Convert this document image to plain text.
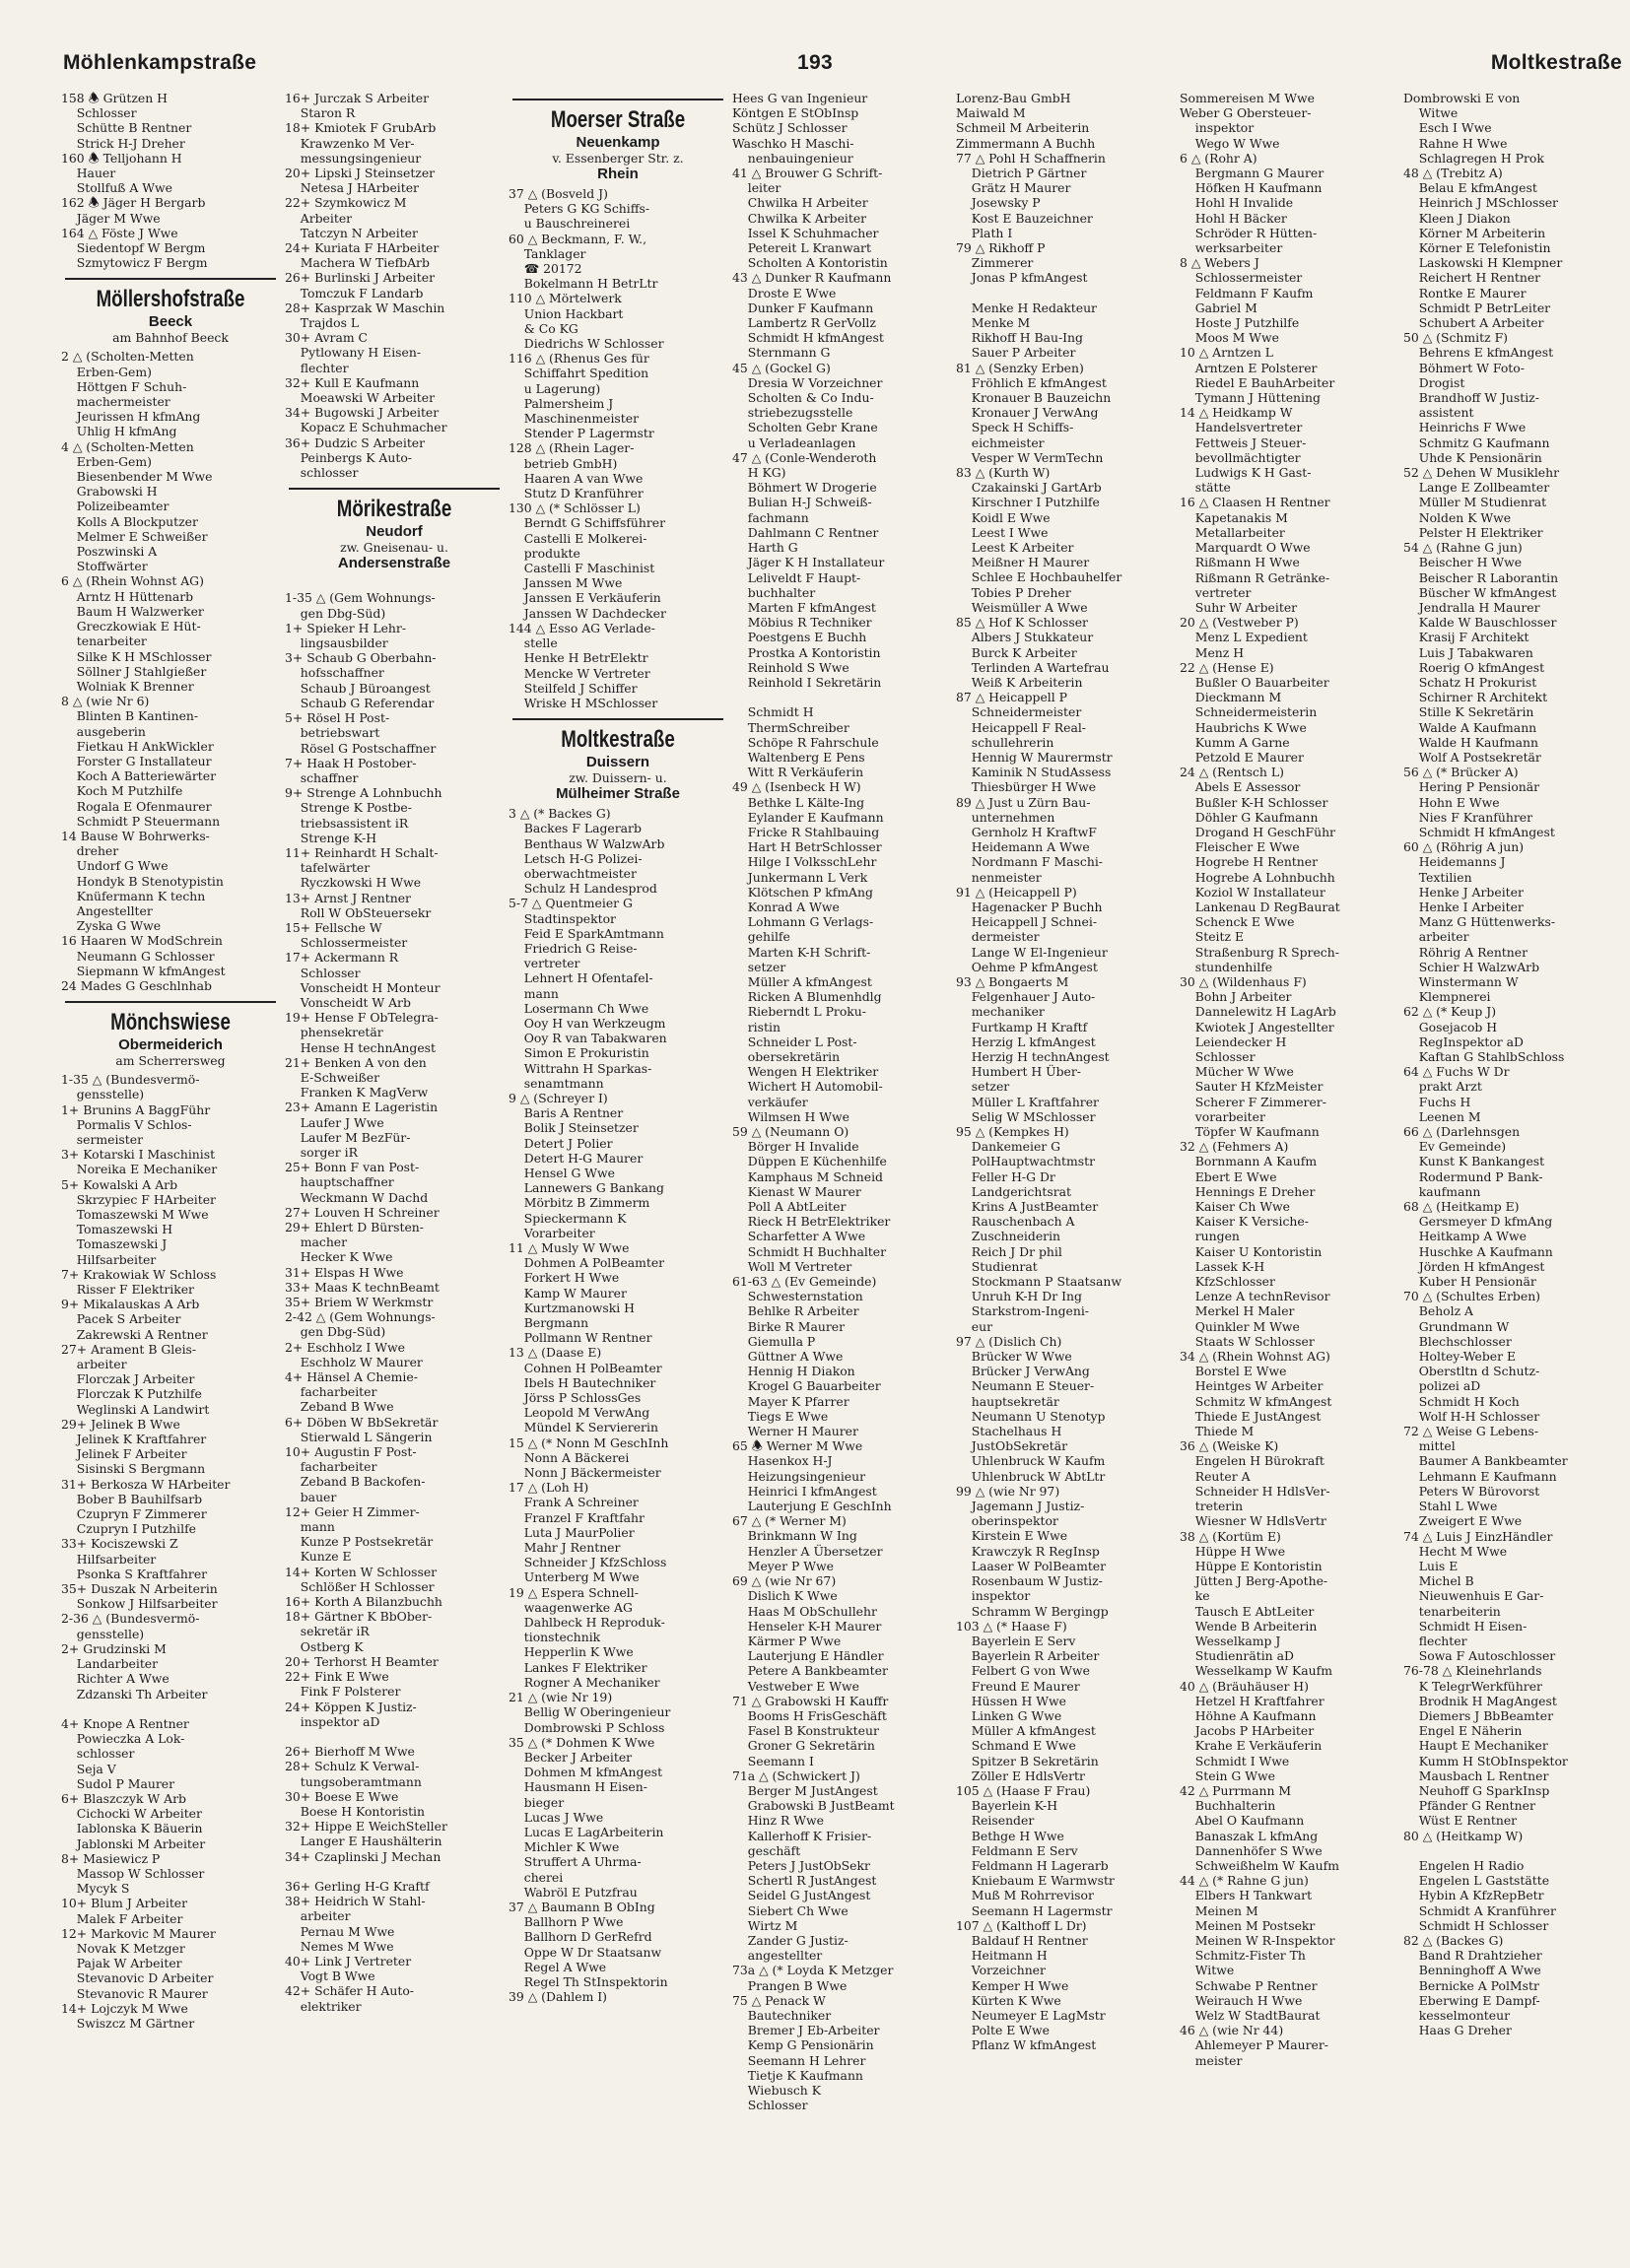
Möhlenkampstraße	193	Moltkestraße
158 🕭 Grützen H
Schlosser
Schütte B Rentner
Strick H-J Dreher
160 🕭 Telljohann H
Hauer
Stollfuß A Wwe
162 🕭 Jäger H Bergarb
Jäger M Wwe
164 △ Föste J Wwe
Siedentopf W Bergm
Szmytowicz F Bergm
Möllershofstraße
Beeck
am Bahnhof Beeck
2 △ (Scholten-Metten
Erben-Gem)
Höttgen F Schuh-
machermeister
Jeurissen H kfmAng
Uhlig H kfmAng
4 △ (Scholten-Metten
Erben-Gem)
Biesenbender M Wwe
Grabowski H
Polizeibeamter
Kolls A Blockputzer
Melmer E Schweißer
Poszwinski A
Stoffwärter
6 △ (Rhein Wohnst AG)
Arntz H Hüttenarb
Baum H Walzwerker
Greczkowiak E Hüt-
tenarbeiter
Silke K H MSchlosser
Söllner J Stahlgießer
Wolniak K Brenner
8 △ (wie Nr 6)
Blinten B Kantinen-
ausgeberin
Fietkau H AnkWickler
Forster G Installateur
Koch A Batteriewärter
Koch M Putzhilfe
Rogala E Ofenmaurer
Schmidt P Steuermann
14 Bause W Bohrwerks-
dreher
Undorf G Wwe
Hondyk B Stenotypistin
Knüfermann K techn
Angestellter
Zyska G Wwe
16 Haaren W ModSchrein
Neumann G Schlosser
Siepmann W kfmAngest
24 Mades G Geschlnhab
Mönchswiese
Obermeiderich
am Scherrersweg
1-35 △ (Bundesvermö-
gensstelle)
1+ Brunins A BaggFühr
Pormalis V Schlos-
sermeister
3+ Kotarski I Maschinist
Noreika E Mechaniker
5+ Kowalski A Arb
Skrzypiec F HArbeiter
Tomaszewski M Wwe
Tomaszewski H
Tomaszewski J
Hilfsarbeiter
7+ Krakowiak W Schloss
Risser F Elektriker
9+ Mikalauskas A Arb
Pacek S Arbeiter
Zakrewski A Rentner
27+ Arament B Gleis-
arbeiter
Florczak J Arbeiter
Florczak K Putzhilfe
Weglinski A Landwirt
29+ Jelinek B Wwe
Jelinek K Kraftfahrer
Jelinek F Arbeiter
Sisinski S Bergmann
31+ Berkosza W HArbeiter
Bober B Bauhilfsarb
Czupryn F Zimmerer
Czupryn I Putzhilfe
33+ Kociszewski Z
Hilfsarbeiter
Psonka S Kraftfahrer
35+ Duszak N Arbeiterin
Sonkow J Hilfsarbeiter
2-36 △ (Bundesvermö-
gensstelle)
2+ Grudzinski M
Landarbeiter
Richter A Wwe
Zdzanski Th Arbeiter
4+ Knope A Rentner
Powieczka A Lok-
schlosser
Seja V
Sudol P Maurer
6+ Blaszczyk W Arb
Cichocki W Arbeiter
Iablonska K Bäuerin
Jablonski M Arbeiter
8+ Masiewicz P
Massop W Schlosser
Mycyk S
10+ Blum J Arbeiter
Malek F Arbeiter
12+ Markovic M Maurer
Novak K Metzger
Pajak W Arbeiter
Stevanovic D Arbeiter
Stevanovic R Maurer
14+ Lojczyk M Wwe
Swiszcz M Gärtner
16+ Jurczak S Arbeiter
Staron R
18+ Kmiotek F GrubArb
Krawzenko M Ver-
messungsingenieur
20+ Lipski J Steinsetzer
Netesa J HArbeiter
22+ Szymkowicz M
Arbeiter
Tatczyn N Arbeiter
24+ Kuriata F HArbeiter
Machera W TiefbArb
26+ Burlinski J Arbeiter
Tomczuk F Landarb
28+ Kasprzak W Maschin
Trajdos L
30+ Avram C
Pytlowany H Eisen-
flechter
32+ Kull E Kaufmann
Moeawski W Arbeiter
34+ Bugowski J Arbeiter
Kopacz E Schuhmacher
36+ Dudzic S Arbeiter
Peinbergs K Auto-
schlosser
Mörikestraße
Neudorf
zw. Gneisenau- u.
Andersenstraße
1-35 △ (Gem Wohnungs-
gen Dbg-Süd)
1+ Spieker H Lehr-
lingsausbilder
3+ Schaub G Oberbahn-
hofsschaffner
Schaub J Büroangest
Schaub G Referendar
5+ Rösel H Post-
betriebswart
Rösel G Postschaffner
7+ Haak H Postober-
schaffner
9+ Strenge A Lohnbuchh
Strenge K Postbe-
triebsassistent iR
Strenge K-H
11+ Reinhardt H Schalt-
tafelwärter
Ryczkowski H Wwe
13+ Arnst J Rentner
Roll W ObSteuersekr
15+ Fellsche W
Schlossermeister
17+ Ackermann R
Schlosser
Vonscheidt H Monteur
Vonscheidt W Arb
19+ Hense F ObTelegra-
phensekretär
Hense H technAngest
21+ Benken A von den
E-Schweißer
Franken K MagVerw
23+ Amann E Lageristin
Laufer J Wwe
Laufer M BezFür-
sorger iR
25+ Bonn F van Post-
hauptschaffner
Weckmann W Dachd
27+ Louven H Schreiner
29+ Ehlert D Bürsten-
macher
Hecker K Wwe
31+ Elspas H Wwe
33+ Maas K technBeamt
35+ Briem W Werkmstr
2-42 △ (Gem Wohnungs-
gen Dbg-Süd)
2+ Eschholz I Wwe
Eschholz W Maurer
4+ Hänsel A Chemie-
facharbeiter
Zeband B Wwe
6+ Döben W BbSekretär
Stierwald L Sängerin
10+ Augustin F Post-
facharbeiter
Zeband B Backofen-
bauer
12+ Geier H Zimmer-
mann
Kunze P Postsekretär
Kunze E
14+ Korten W Schlosser
Schlößer H Schlosser
16+ Korth A Bilanzbuchh
18+ Gärtner K BbOber-
sekretär iR
Ostberg K
20+ Terhorst H Beamter
22+ Fink E Wwe
Fink F Polsterer
24+ Köppen K Justiz-
inspektor aD
26+ Bierhoff M Wwe
28+ Schulz K Verwal-
tungsoberamtmann
30+ Boese E Wwe
Boese H Kontoristin
32+ Hippe E WeichSteller
Langer E Haushälterin
34+ Czaplinski J Mechan
36+ Gerling H-G Kraftf
38+ Heidrich W Stahl-
arbeiter
Pernau M Wwe
Nemes M Wwe
40+ Link J Vertreter
Vogt B Wwe
42+ Schäfer H Auto-
elektriker
Moerser Straße
Neuenkamp
v. Essenberger Str. z.
Rhein
37 △ (Bosveld J)
Peters G KG Schiffs-
u Bauschreinerei
60 △ Beckmann, F. W.,
Tanklager
☎ 20172
Bokelmann H BetrLtr
110 △ Mörtelwerk
Union Hackbart
& Co KG
Diedrichs W Schlosser
116 △ (Rhenus Ges für
Schiffahrt Spedition
u Lagerung)
Palmersheim J
Maschinenmeister
Stender P Lagermstr
128 △ (Rhein Lager-
betrieb GmbH)
Haaren A van Wwe
Stutz D Kranführer
130 △ (* Schlösser L)
Berndt G Schiffsführer
Castelli E Molkerei-
produkte
Castelli F Maschinist
Janssen M Wwe
Janssen E Verkäuferin
Janssen W Dachdecker
144 △ Esso AG Verlade-
stelle
Henke H BetrElektr
Mencke W Vertreter
Steilfeld J Schiffer
Wriske H MSchlosser
Moltkestraße
Duissern
zw. Duissern- u.
Mülheimer Straße
3 △ (* Backes G)
Backes F Lagerarb
Benthaus W WalzwArb
Letsch H-G Polizei-
oberwachtmeister
Schulz H Landesprod
5-7 △ Quentmeier G
Stadtinspektor
Feid E SparkAmtmann
Friedrich G Reise-
vertreter
Lehnert H Ofentafel-
mann
Losermann Ch Wwe
Ooy H van Werkzeugm
Ooy R van Tabakwaren
Simon E Prokuristin
Wittrahn H Sparkas-
senamtmann
9 △ (Schreyer I)
Baris A Rentner
Bolik J Steinsetzer
Detert J Polier
Detert H-G Maurer
Hensel G Wwe
Lannewers G Bankang
Mörbitz B Zimmerm
Spieckermann K
Vorarbeiter
11 △ Musly W Wwe
Dohmen A PolBeamter
Forkert H Wwe
Kamp W Maurer
Kurtzmanowski H
Bergmann
Pollmann W Rentner
13 △ (Daase E)
Cohnen H PolBeamter
Ibels H Bautechniker
Jörss P SchlossGes
Leopold M VerwAng
Mündel K Serviererin
15 △ (* Nonn M GeschInh
Nonn A Bäckerei
Nonn J Bäckermeister
17 △ (Loh H)
Frank A Schreiner
Franzel F Kraftfahr
Luta J MaurPolier
Mahr J Rentner
Schneider J KfzSchloss
Unterberg M Wwe
19 △ Espera Schnell-
waagenwerke AG
Dahlbeck H Reproduk-
tionstechnik
Hepperlin K Wwe
Lankes F Elektriker
Rogner A Mechaniker
21 △ (wie Nr 19)
Bellig W Oberingenieur
Dombrowski P Schloss
35 △ (* Dohmen K Wwe
Becker J Arbeiter
Dohmen M kfmAngest
Hausmann H Eisen-
bieger
Lucas J Wwe
Lucas E LagArbeiterin
Michler K Wwe
Struffert A Uhrma-
cherei
Wabröl E Putzfrau
37 △ Baumann B ObIng
Ballhorn P Wwe
Ballhorn D GerRefrd
Oppe W Dr Staatsanw
Regel A Wwe
Regel Th StInspektorin
39 △ (Dahlem I)
Hees G van Ingenieur
Köntgen E StObInsp
Schütz J Schlosser
Waschko H Maschi-
nenbauingenieur
41 △ Brouwer G Schrift-
leiter
Chwilka H Arbeiter
Chwilka K Arbeiter
Issel K Schuhmacher
Petereit L Kranwart
Scholten A Kontoristin
43 △ Dunker R Kaufmann
Droste E Wwe
Dunker F Kaufmann
Lambertz R GerVollz
Schmidt H kfmAngest
Sternmann G
45 △ (Gockel G)
Dresia W Vorzeichner
Scholten & Co Indu-
striebezugsstelle
Scholten Gebr Krane
u Verladeanlagen
47 △ (Conle-Wenderoth
H KG)
Böhmert W Drogerie
Bulian H-J Schweiß-
fachmann
Dahlmann C Rentner
Harth G
Jäger K H Installateur
Leliveldt F Haupt-
buchhalter
Marten F kfmAngest
Möbius R Techniker
Poestgens E Buchh
Prostka A Kontoristin
Reinhold S Wwe
Reinhold I Sekretärin
Schmidt H
ThermSchreiber
Schöpe R Fahrschule
Waltenberg E Pens
Witt R Verkäuferin
49 △ (Isenbeck H W)
Bethke L Kälte-Ing
Eylander E Kaufmann
Fricke R Stahlbauing
Hart H BetrSchlosser
Hilge I VolksschLehr
Junkermann L Verk
Klötschen P kfmAng
Konrad A Wwe
Lohmann G Verlags-
gehilfe
Marten K-H Schrift-
setzer
Müller A kfmAngest
Ricken A Blumenhdlg
Rieberndt L Proku-
ristin
Schneider L Post-
obersekretärin
Wengen H Elektriker
Wichert H Automobil-
verkäufer
Wilmsen H Wwe
59 △ (Neumann O)
Börger H Invalide
Düppen E Küchenhilfe
Kamphaus M Schneid
Kienast W Maurer
Poll A AbtLeiter
Rieck H BetrElektriker
Scharfetter A Wwe
Schmidt H Buchhalter
Woll M Vertreter
61-63 △ (Ev Gemeinde)
Schwesternstation
Behlke R Arbeiter
Birke R Maurer
Giemulla P
Güttner A Wwe
Hennig H Diakon
Krogel G Bauarbeiter
Mayer K Pfarrer
Tiegs E Wwe
Werner H Maurer
65 🕭 Werner M Wwe
Hasenkox H-J
Heizungsingenieur
Heinrici I kfmAngest
Lauterjung E GeschInh
67 △ (* Werner M)
Brinkmann W Ing
Henzler A Übersetzer
Meyer P Wwe
69 △ (wie Nr 67)
Dislich K Wwe
Haas M ObSchullehr
Henseler K-H Maurer
Kärmer P Wwe
Lauterjung E Händler
Petere A Bankbeamter
Vestweber E Wwe
71 △ Grabowski H Kauffr
Booms H FrisGeschäft
Fasel B Konstrukteur
Groner G Sekretärin
Seemann I
71a △ (Schwickert J)
Berger M JustAngest
Grabowski B JustBeamt
Hinz R Wwe
Kallerhoff K Frisier-
geschäft
Peters J JustObSekr
Schertl R JustAngest
Seidel G JustAngest
Siebert Ch Wwe
Wirtz M
Zander G Justiz-
angestellter
73a △ (* Loyda K Metzger
Prangen B Wwe
75 △ Penack W
Bautechniker
Bremer J Eb-Arbeiter
Kemp G Pensionärin
Seemann H Lehrer
Tietje K Kaufmann
Wiebusch K
Schlosser
Lorenz-Bau GmbH
Maiwald M
Schmeil M Arbeiterin
Zimmermann A Buchh
77 △ Pohl H Schaffnerin
Dietrich P Gärtner
Grätz H Maurer
Josewsky P
Kost E Bauzeichner
Plath I
79 △ Rikhoff P
Zimmerer
Jonas P kfmAngest
Menke H Redakteur
Menke M
Rikhoff H Bau-Ing
Sauer P Arbeiter
81 △ (Senzky Erben)
Fröhlich E kfmAngest
Kronauer B Bauzeichn
Kronauer J VerwAng
Speck H Schiffs-
eichmeister
Vesper W VermTechn
83 △ (Kurth W)
Czakainski J GartArb
Kirschner I Putzhilfe
Koidl E Wwe
Leest I Wwe
Leest K Arbeiter
Meißner H Maurer
Schlee E Hochbauhelfer
Tobies P Dreher
Weismüller A Wwe
85 △ Hof K Schlosser
Albers J Stukkateur
Burck K Arbeiter
Terlinden A Wartefrau
Weiß K Arbeiterin
87 △ Heicappell P
Schneidermeister
Heicappell F Real-
schullehrerin
Hennig W Maurermstr
Kaminik N StudAssess
Thiesbürger H Wwe
89 △ Just u Zürn Bau-
unternehmen
Gernholz H KraftwF
Heidemann A Wwe
Nordmann F Maschi-
nenmeister
91 △ (Heicappell P)
Hagenacker P Buchh
Heicappell J Schnei-
dermeister
Lange W El-Ingenieur
Oehme P kfmAngest
93 △ Bongaerts M
Felgenhauer J Auto-
mechaniker
Furtkamp H Kraftf
Herzig L kfmAngest
Herzig H technAngest
Humbert H Über-
setzer
Müller L Kraftfahrer
Selig W MSchlosser
95 △ (Kempkes H)
Dankemeier G
PolHauptwachtmstr
Feller H-G Dr
Landgerichtsrat
Krins A JustBeamter
Rauschenbach A
Zuschneiderin
Reich J Dr phil
Studienrat
Stockmann P Staatsanw
Unruh K-H Dr Ing
Starkstrom-Ingeni-
eur
97 △ (Dislich Ch)
Brücker W Wwe
Brücker J VerwAng
Neumann E Steuer-
hauptsekretär
Neumann U Stenotyp
Stachelhaus H
JustObSekretär
Uhlenbruck W Kaufm
Uhlenbruck W AbtLtr
99 △ (wie Nr 97)
Jagemann J Justiz-
oberinspektor
Kirstein E Wwe
Krawczyk R RegInsp
Laaser W PolBeamter
Rosenbaum W Justiz-
inspektor
Schramm W Bergingp
103 △ (* Haase F)
Bayerlein E Serv
Bayerlein R Arbeiter
Felbert G von Wwe
Freund E Maurer
Hüssen H Wwe
Linken G Wwe
Müller A kfmAngest
Schmand E Wwe
Spitzer B Sekretärin
Zöller E HdlsVertr
105 △ (Haase F Frau)
Bayerlein K-H
Reisender
Bethge H Wwe
Feldmann E Serv
Feldmann H Lagerarb
Kniebaum E Warmwstr
Muß M Rohrrevisor
Seemann H Lagermstr
107 △ (Kalthoff L Dr)
Baldauf H Rentner
Heitmann H
Vorzeichner
Kemper H Wwe
Kürten K Wwe
Neumeyer E LagMstr
Polte E Wwe
Pflanz W kfmAngest
Sommereisen M Wwe
Weber G Obersteuer-
inspektor
Wego W Wwe
6 △ (Rohr A)
Bergmann G Maurer
Höfken H Kaufmann
Hohl H Invalide
Hohl H Bäcker
Schröder R Hütten-
werksarbeiter
8 △ Webers J
Schlossermeister
Feldmann F Kaufm
Gabriel M
Hoste J Putzhilfe
Moos M Wwe
10 △ Arntzen L
Arntzen E Polsterer
Riedel E BauhArbeiter
Tymann J Hüttening
14 △ Heidkamp W
Handelsvertreter
Fettweis J Steuer-
bevollmächtigter
Ludwigs K H Gast-
stätte
16 △ Claasen H Rentner
Kapetanakis M
Metallarbeiter
Marquardt O Wwe
Rißmann H Wwe
Rißmann R Getränke-
vertreter
Suhr W Arbeiter
20 △ (Vestweber P)
Menz L Expedient
Menz H
22 △ (Hense E)
Bußler O Bauarbeiter
Dieckmann M
Schneidermeisterin
Haubrichs K Wwe
Kumm A Garne
Petzold E Maurer
24 △ (Rentsch L)
Abels E Assessor
Bußler K-H Schlosser
Döhler G Kaufmann
Drogand H GeschFühr
Fleischer E Wwe
Hogrebe H Rentner
Hogrebe A Lohnbuchh
Koziol W Installateur
Lankenau D RegBaurat
Schenck E Wwe
Steitz E
Straßenburg R Sprech-
stundenhilfe
30 △ (Wildenhaus F)
Bohn J Arbeiter
Dannelewitz H LagArb
Kwiotek J Angestellter
Leiendecker H
Schlosser
Mücher W Wwe
Sauter H KfzMeister
Scherer F Zimmerer-
vorarbeiter
Töpfer W Kaufmann
32 △ (Fehmers A)
Bornmann A Kaufm
Ebert E Wwe
Hennings E Dreher
Kaiser Ch Wwe
Kaiser K Versiche-
rungen
Kaiser U Kontoristin
Lassek K-H
KfzSchlosser
Lenze A technRevisor
Merkel H Maler
Quinkler M Wwe
Staats W Schlosser
34 △ (Rhein Wohnst AG)
Borstel E Wwe
Heintges W Arbeiter
Schmitz W kfmAngest
Thiede E JustAngest
Thiede M
36 △ (Weiske K)
Engelen H Bürokraft
Reuter A
Schneider H HdlsVer-
treterin
Wiesner W HdlsVertr
38 △ (Kortüm E)
Hüppe H Wwe
Hüppe E Kontoristin
Jütten J Berg-Apothe-
ke
Tausch E AbtLeiter
Wende B Arbeiterin
Wesselkamp J
Studienrätin aD
Wesselkamp W Kaufm
40 △ (Bräuhäuser H)
Hetzel H Kraftfahrer
Höhne A Kaufmann
Jacobs P HArbeiter
Krahe E Verkäuferin
Schmidt I Wwe
Stein G Wwe
42 △ Purrmann M
Buchhalterin
Abel O Kaufmann
Banaszak L kfmAng
Dannenhöfer S Wwe
Schweißhelm W Kaufm
44 △ (* Rahne G jun)
Elbers H Tankwart
Meinen M
Meinen M Postsekr
Meinen W R-Inspektor
Schmitz-Fister Th
Witwe
Schwabe P Rentner
Weirauch H Wwe
Welz W StadtBaurat
46 △ (wie Nr 44)
Ahlemeyer P Maurer-
meister
Dombrowski E von
Witwe
Esch I Wwe
Rahne H Wwe
Schlagregen H Prok
48 △ (Trebitz A)
Belau E kfmAngest
Heinrich J MSchlosser
Kleen J Diakon
Körner M Arbeiterin
Körner E Telefonistin
Laskowski H Klempner
Reichert H Rentner
Rontke E Maurer
Schmidt P BetrLeiter
Schubert A Arbeiter
50 △ (Schmitz F)
Behrens E kfmAngest
Böhmert W Foto-
Drogist
Brandhoff W Justiz-
assistent
Heinrichs F Wwe
Schmitz G Kaufmann
Uhde K Pensionärin
52 △ Dehen W Musiklehr
Lange E Zollbeamter
Müller M Studienrat
Nolden K Wwe
Pelster H Elektriker
54 △ (Rahne G jun)
Beischer H Wwe
Beischer R Laborantin
Büscher W kfmAngest
Jendralla H Maurer
Kalde W Bauschlosser
Krasij F Architekt
Luis J Tabakwaren
Roerig O kfmAngest
Schatz H Prokurist
Schirner R Architekt
Stille K Sekretärin
Walde A Kaufmann
Walde H Kaufmann
Wolf A Postsekretär
56 △ (* Brücker A)
Hering P Pensionär
Hohn E Wwe
Nies F Kranführer
Schmidt H kfmAngest
60 △ (Röhrig A jun)
Heidemanns J
Textilien
Henke J Arbeiter
Henke I Arbeiter
Manz G Hüttenwerks-
arbeiter
Röhrig A Rentner
Schier H WalzwArb
Winstermann W
Klempnerei
62 △ (* Keup J)
Gosejacob H
RegInspektor aD
Kaftan G StahlbSchloss
64 △ Fuchs W Dr
prakt Arzt
Fuchs H
Leenen M
66 △ (Darlehnsgen
Ev Gemeinde)
Kunst K Bankangest
Rodermund P Bank-
kaufmann
68 △ (Heitkamp E)
Gersmeyer D kfmAng
Heitkamp A Wwe
Huschke A Kaufmann
Jörden H kfmAngest
Kuber H Pensionär
70 △ (Schultes Erben)
Beholz A
Grundmann W
Blechschlosser
Holtey-Weber E
Oberstltn d Schutz-
polizei aD
Schmidt H Koch
Wolf H-H Schlosser
72 △ Weise G Lebens-
mittel
Baumer A Bankbeamter
Lehmann E Kaufmann
Peters W Bürovorst
Stahl L Wwe
Zweigert E Wwe
74 △ Luis J EinzHändler
Hecht M Wwe
Luis E
Michel B
Nieuwenhuis E Gar-
tenarbeiterin
Schmidt H Eisen-
flechter
Sowa F Autoschlosser
76-78 △ Kleinehrlands
K TelegrWerkführer
Brodnik H MagAngest
Diemers J BbBeamter
Engel E Näherin
Haupt E Mechaniker
Kumm H StObInspektor
Mausbach L Rentner
Neuhoff G SparkInsp
Pfänder G Rentner
Wüst E Rentner
80 △ (Heitkamp W)
Engelen H Radio
Engelen L Gaststätte
Hybin A KfzRepBetr
Schmidt A Kranführer
Schmidt H Schlosser
82 △ (Backes G)
Band R Drahtzieher
Benninghoff A Wwe
Bernicke A PolMstr
Eberwing E Dampf-
kesselmonteur
Haas G Dreher
